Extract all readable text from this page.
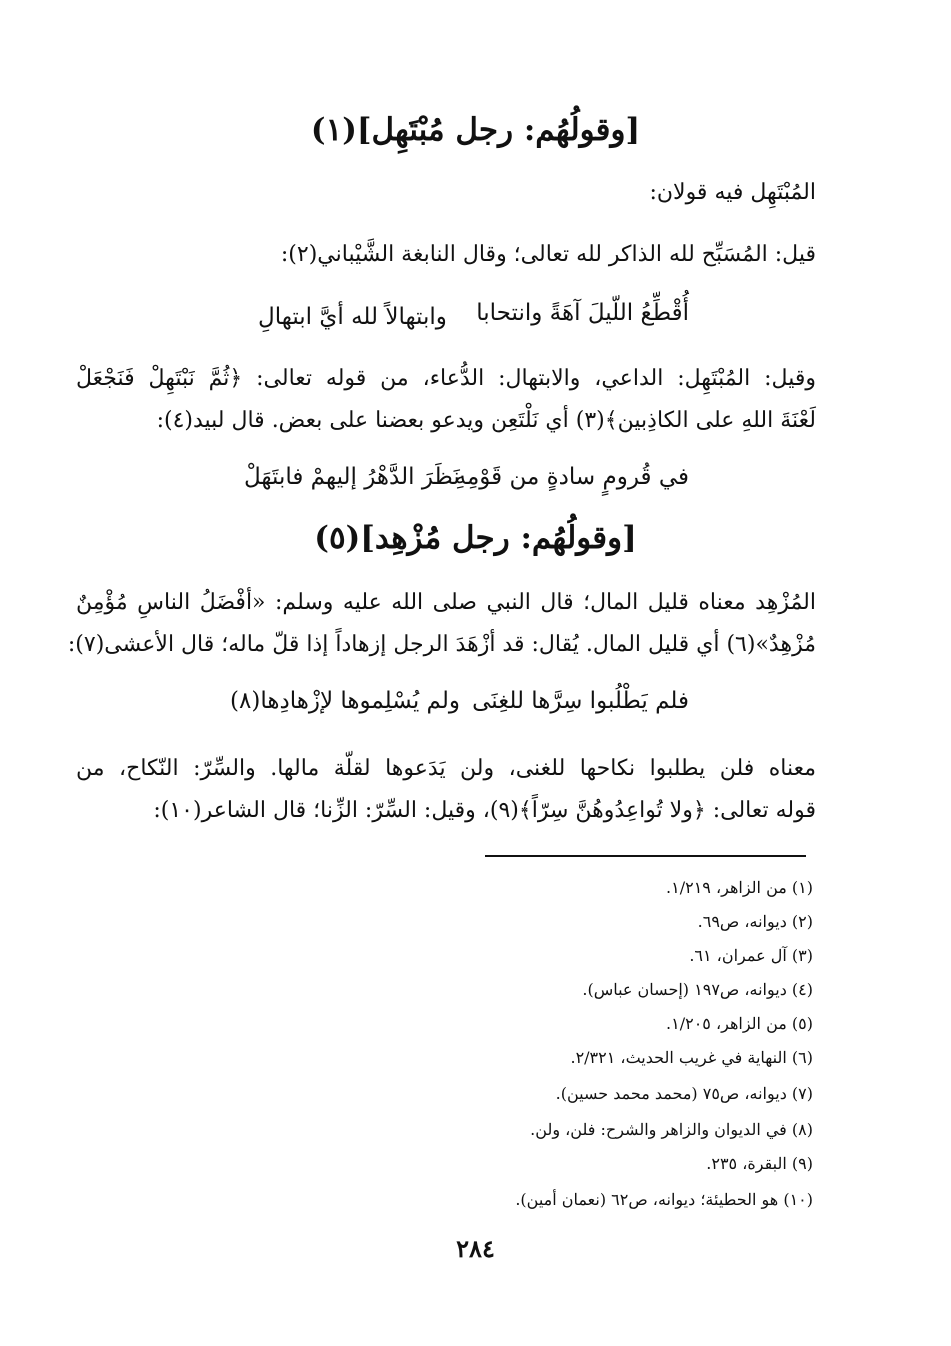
[وقولُهُم: رجل مُبْتَهِل](١)
المُبْتَهِل فيه قولان:
قيل: المُسَبِّح لله الذاكر لله تعالى؛ وقال النابغة الشَّيْباني(٢):
أُقْطِّعُ اللّيلَ آهَةً وانتحابا
وابتهالاً لله أيَّ ابتهالِ
وقيل: المُبْتَهِل: الداعي، والابتهال: الدُّعاء، من قوله تعالى: ﴿ثُمَّ نَبْتَهِلْ فَنَجْعَلْ
لَعْنَةَ اللهِ على الكاذِبين﴾(٣) أي نَلْتَعِن ويدعو بعضنا على بعض. قال لبيد(٤):
في قُرومٍ سادةٍ من قَوْمِهِ
نَظَرَ الدَّهْرُ إليهمْ فابتَهَلْ
[وقولُهُم: رجل مُزْهِد](٥)
المُزْهِد معناه قليل المال؛ قال النبي صلى الله عليه وسلم: «أفْضَلُ الناسِ مُؤْمِنٌ
مُزْهِدٌ»(٦) أي قليل المال. يُقال: قد أزْهَدَ الرجل إزهاداً إذا قلّ ماله؛ قال الأعشى(٧):
فلم يَطْلُبوا سِرَّها للغِنَى
ولم يُسْلِموها لإزْهادِها(٨)
معناه فلن يطلبوا نكاحها للغنى، ولن يَدَعوها لقلّة مالها. والسِّرّ: النّكاح، من
قوله تعالى: ﴿ولا تُواعِدُوهُنَّ سِرّاً﴾(٩)، وقيل: السِّرّ: الزِّنا؛ قال الشاعر(١٠):
(١) من الزاهر، ١/٢١٩.
(٢) ديوانه، ص٦٩.
(٣) آل عمران، ٦١.
(٤) ديوانه، ص١٩٧ (إحسان عباس).
(٥) من الزاهر، ١/٢٠٥.
(٦) النهاية في غريب الحديث، ٢/٣٢١.
(٧) ديوانه، ص٧٥ (محمد محمد حسين).
(٨) في الديوان والزاهر والشرح: فلن، ولن.
(٩) البقرة، ٢٣٥.
(١٠) هو الحطيئة؛ ديوانه، ص٦٢ (نعمان أمين).
٢٨٤
